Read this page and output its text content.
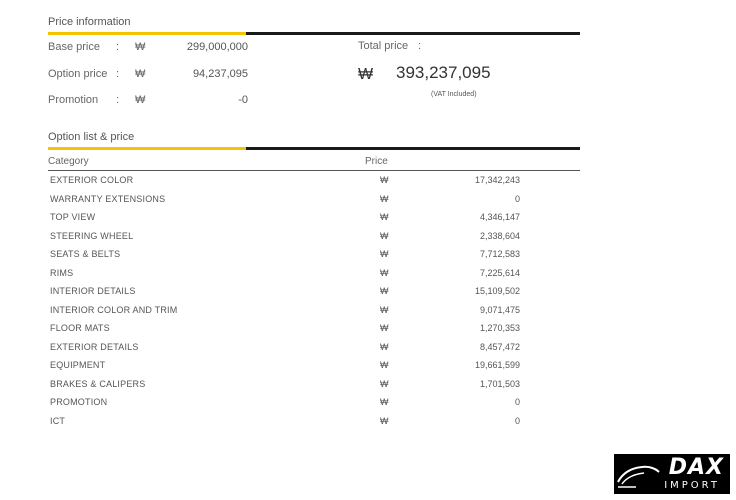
Price information
Base price : ₩	299,000,000
Option price : ₩	94,237,095
Promotion : ₩	-0
Total price :
₩ 393,237,095
(VAT Included)
Option list & price
Category	Price
EXTERIOR COLOR	₩	17,342,243
WARRANTY EXTENSIONS	₩	0
TOP VIEW	₩	4,346,147
STEERING WHEEL	₩	2,338,604
SEATS & BELTS	₩	7,712,583
RIMS	₩	7,225,614
INTERIOR DETAILS	₩	15,109,502
INTERIOR COLOR AND TRIM	₩	9,071,475
FLOOR MATS	₩	1,270,353
EXTERIOR DETAILS	₩	8,457,472
EQUIPMENT	₩	19,661,599
BRAKES & CALIPERS	₩	1,701,503
PROMOTION	₩	0
ICT	₩	0
DAX
IMPORT
